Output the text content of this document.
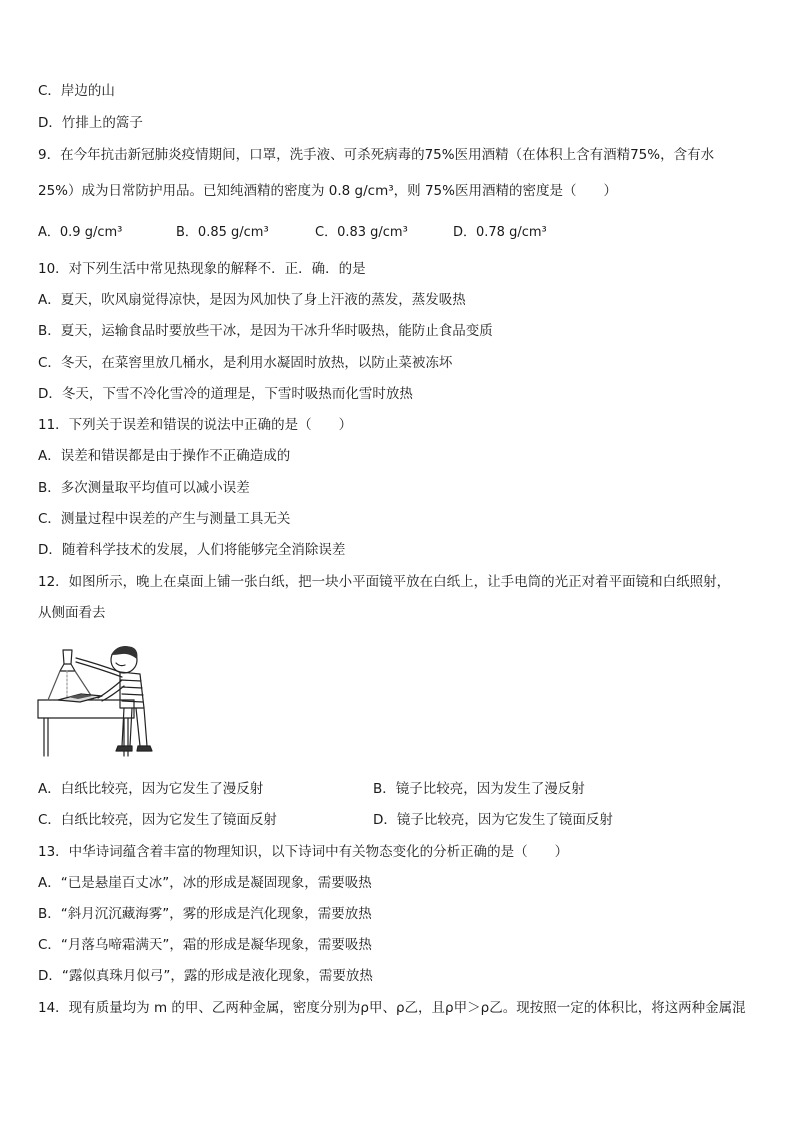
C．岸边的山
D．竹排上的篙子
9．在今年抗击新冠肺炎疫情期间，口罩，洗手液、可杀死病毒的75%医用酒精（在体积上含有酒精75%，含有水
25%）成为日常防护用品。已知纯酒精的密度为 0.8 g/cm³，则 75%医用酒精的密度是（　　）
A．0.9 g/cm³	B．0.85 g/cm³	C．0.83 g/cm³	D．0.78 g/cm³
10．对下列生活中常见热现象的解释不．正．确．的是
A．夏天，吹风扇觉得凉快，是因为风加快了身上汗液的蒸发，蒸发吸热
B．夏天，运输食品时要放些干冰，是因为干冰升华时吸热，能防止食品变质
C．冬天，在菜窖里放几桶水，是利用水凝固时放热，以防止菜被冻坏
D．冬天，下雪不冷化雪冷的道理是，下雪时吸热而化雪时放热
11．下列关于误差和错误的说法中正确的是（　　）
A．误差和错误都是由于操作不正确造成的
B．多次测量取平均值可以减小误差
C．测量过程中误差的产生与测量工具无关
D．随着科学技术的发展，人们将能够完全消除误差
12．如图所示，晚上在桌面上铺一张白纸，把一块小平面镜平放在白纸上，让手电筒的光正对着平面镜和白纸照射，
从侧面看去
A．白纸比较亮，因为它发生了漫反射	B．镜子比较亮，因为发生了漫反射
C．白纸比较亮，因为它发生了镜面反射	D．镜子比较亮，因为它发生了镜面反射
13．中华诗词蕴含着丰富的物理知识，以下诗词中有关物态变化的分析正确的是（　　）
A．“已是悬崖百丈冰”，冰的形成是凝固现象，需要吸热
B．“斜月沉沉藏海雾”，雾的形成是汽化现象，需要放热
C．“月落乌啼霜满天”，霜的形成是凝华现象，需要吸热
D．“露似真珠月似弓”，露的形成是液化现象，需要放热
14．现有质量均为 m 的甲、乙两种金属，密度分别为ρ甲、ρ乙，且ρ甲＞ρ乙。现按照一定的体积比，将这两种金属混
